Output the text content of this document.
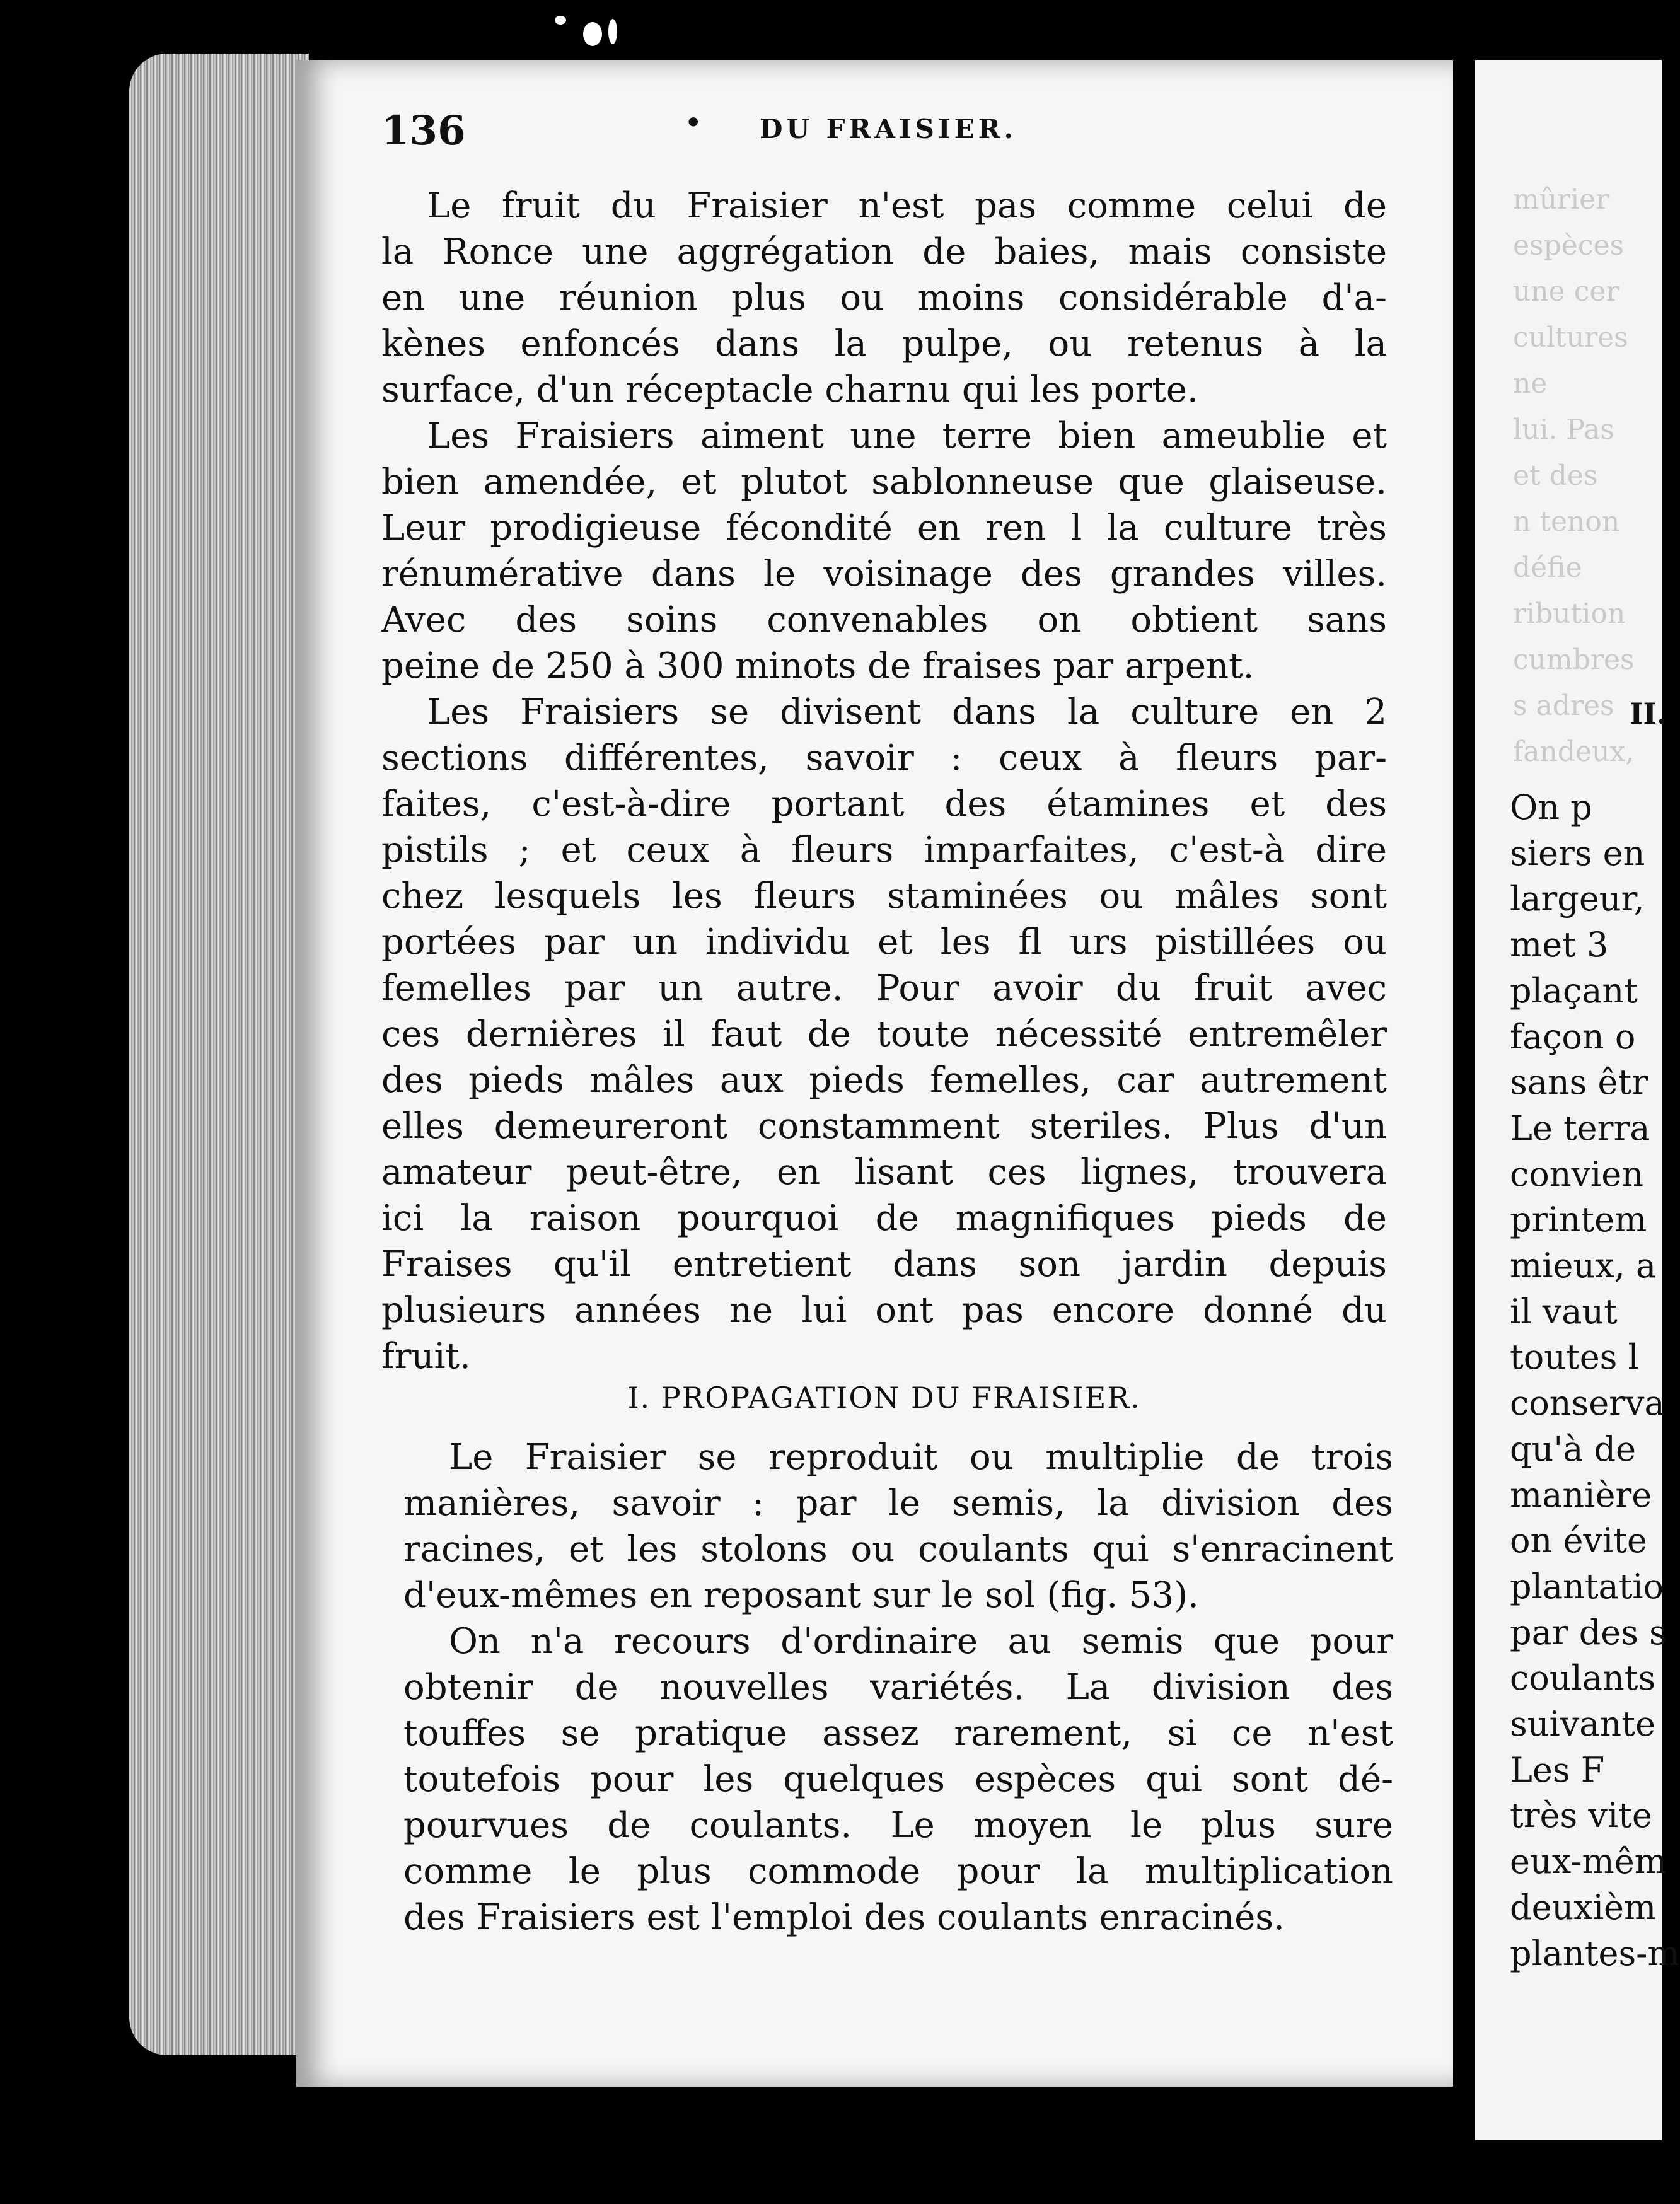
136	• DU FRAISIER.
Le fruit du Fraisier n'est pas comme celui de
la Ronce une aggrégation de baies, mais consiste
en une réunion plus ou moins considérable d'a-
kènes enfoncés dans la pulpe, ou retenus à la
surface, d'un réceptacle charnu qui les porte.
Les Fraisiers aiment une terre bien ameublie et
bien amendée, et plutot sablonneuse que glaiseuse.
Leur prodigieuse fécondité en ren l la culture très
rénumérative dans le voisinage des grandes villes.
Avec des soins convenables on obtient sans
peine de 250 à 300 minots de fraises par arpent.
Les Fraisiers se divisent dans la culture en 2
sections différentes, savoir : ceux à fleurs par-
faites, c'est-à-dire portant des étamines et des
pistils ; et ceux à fleurs imparfaites, c'est-à dire
chez lesquels les fleurs staminées ou mâles sont
portées par un individu et les fl urs pistillées ou
femelles par un autre. Pour avoir du fruit avec
ces dernières il faut de toute nécessité entremêler
des pieds mâles aux pieds femelles, car autrement
elles demeureront constamment steriles. Plus d'un
amateur peut-être, en lisant ces lignes, trouvera
ici la raison pourquoi de magnifiques pieds de
Fraises qu'il entretient dans son jardin depuis
plusieurs années ne lui ont pas encore donné du
fruit.
I. PROPAGATION DU FRAISIER.
Le Fraisier se reproduit ou multiplie de trois
manières, savoir : par le semis, la division des
racines, et les stolons ou coulants qui s'enracinent
d'eux-mêmes en reposant sur le sol (fig. 53).
On n'a recours d'ordinaire au semis que pour
obtenir de nouvelles variétés. La division des
touffes se pratique assez rarement, si ce n'est
toutefois pour les quelques espèces qui sont dé-
pourvues de coulants. Le moyen le plus sure
comme le plus commode pour la multiplication
des Fraisiers est l'emploi des coulants enracinés.
mûrier
espèces
une cer
cultures
ne
lui. Pas
et des
n tenon
défie
ribution
cumbres
s adres
fandeux,
II.
On p
siers en
largeur,
met 3
plaçant
façon o
sans êtr
Le terra
convien
printem
mieux, a
il vaut
toutes l
conserva
qu'à de
manière
on évite
plantatio
par des s
coulants
suivante
Les F
très vite
eux-mêm
deuxièm
plantes-m
